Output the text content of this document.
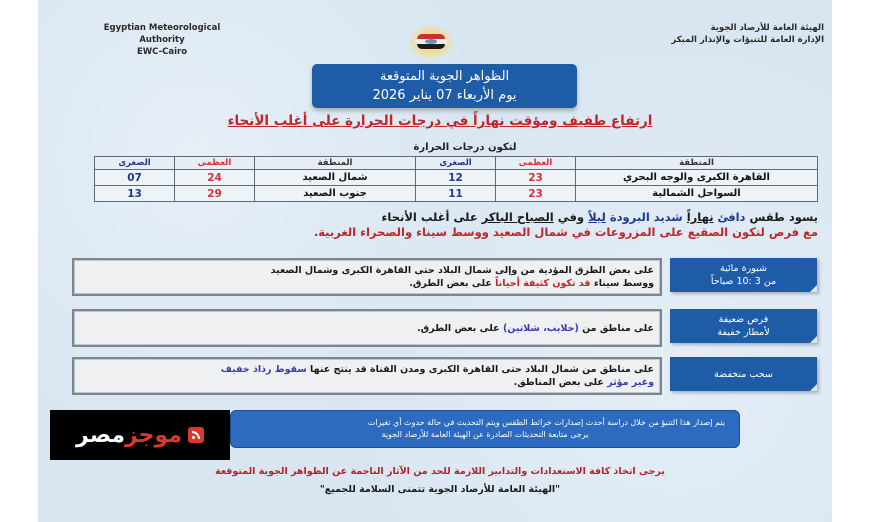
Egyptian Meteorological Authority
EWC-Cairo
الهيئة العامة للأرصاد الجوية
الإدارة العامة للتنبؤات والإنذار المبكر
الظواهر الجوية المتوقعة
يوم الأربعاء 07 يناير 2026
ارتفاع طفيف ومؤقت نهاراً في درجات الحرارة على أغلب الأنحاء
لتكون درجات الحرارة
المنطقة	العظمى	الصغرى	المنطقة	العظمى	الصغرى
القاهرة الكبرى والوجه البحري	23	12	شمال الصعيد	24	07
السواحل الشمالية	23	11	جنوب الصعيد	29	13
يسود طقس دافئ نهاراً شديد البرودة ليلاً وفي الصباح الباكر على أغلب الأنحاء
مع فرص لتكون الصقيع على المزروعات في شمال الصعيد ووسط سيناء والصحراء الغربية.
شبورة مائية
من 3 :10 صباحاً
على بعض الطرق المؤدية من وإلى شمال البلاد حتى القاهرة الكبرى وشمال الصعيد
ووسط سيناء قد تكون كثيفة أحياناً على بعض الطرق.
فرص ضعيفة
لأمطار خفيفة
على مناطق من (حلايب، شلاتين) على بعض الطرق.
سحب منخفضة
على مناطق من شمال البلاد حتى القاهرة الكبرى ومدن القناة قد ينتج عنها سقوط رذاذ خفيف
وغير مؤثر على بعض المناطق.
يتم إصدار هذا التنبؤ من خلال دراسة أحدث إصدارات خرائط الطقس ويتم التحديث في حالة حدوث أي تغيرات
يرجى متابعة التحديثات الصادرة عن الهيئة العامة للأرصاد الجوية
موجزمصر
يرجى اتخاذ كافة الاستعدادات والتدابير اللازمة للحد من الآثار الناجمة عن الظواهر الجوية المتوقعة
"الهيئة العامة للأرصاد الجوية تتمنى السلامة للجميع"
